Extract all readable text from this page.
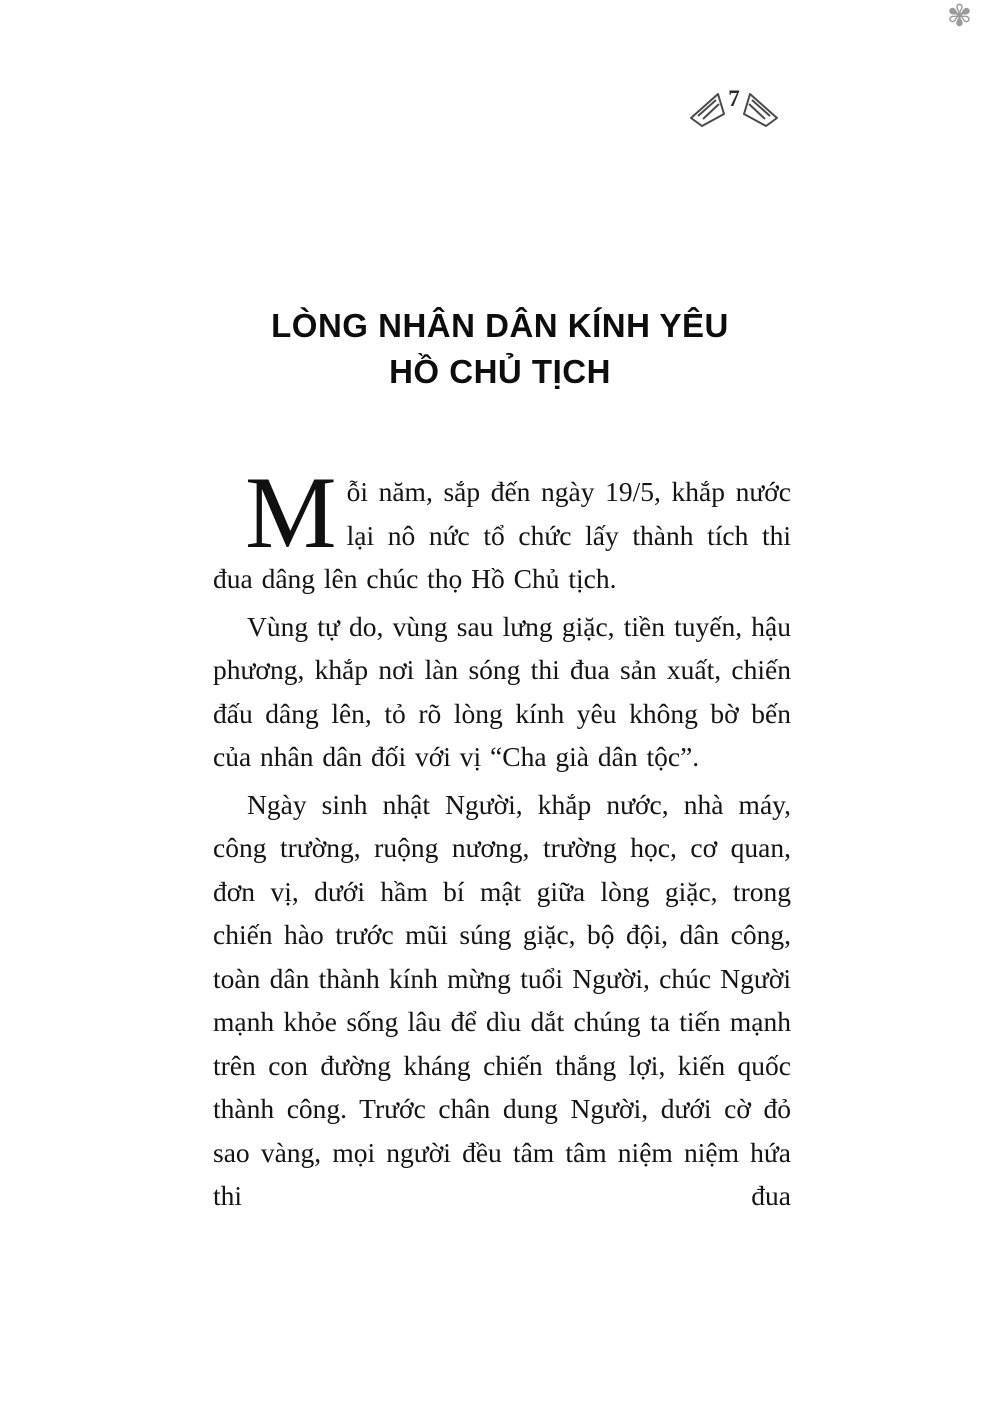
✾
7
LÒNG NHÂN DÂN KÍNH YÊU
HỒ CHỦ TỊCH

Mỗi năm, sắp đến ngày 19/5, khắp nước lại nô nức tổ chức lấy thành tích thi đua dâng lên chúc thọ Hồ Chủ tịch.

Vùng tự do, vùng sau lưng giặc, tiền tuyến, hậu phương, khắp nơi làn sóng thi đua sản xuất, chiến đấu dâng lên, tỏ rõ lòng kính yêu không bờ bến của nhân dân đối với vị “Cha già dân tộc”.

Ngày sinh nhật Người, khắp nước, nhà máy, công trường, ruộng nương, trường học, cơ quan, đơn vị, dưới hầm bí mật giữa lòng giặc, trong chiến hào trước mũi súng giặc, bộ đội, dân công, toàn dân thành kính mừng tuổi Người, chúc Người mạnh khỏe sống lâu để dìu dắt chúng ta tiến mạnh trên con đường kháng chiến thắng lợi, kiến quốc thành công. Trước chân dung Người, dưới cờ đỏ sao vàng, mọi người đều tâm tâm niệm niệm hứa thi đua
